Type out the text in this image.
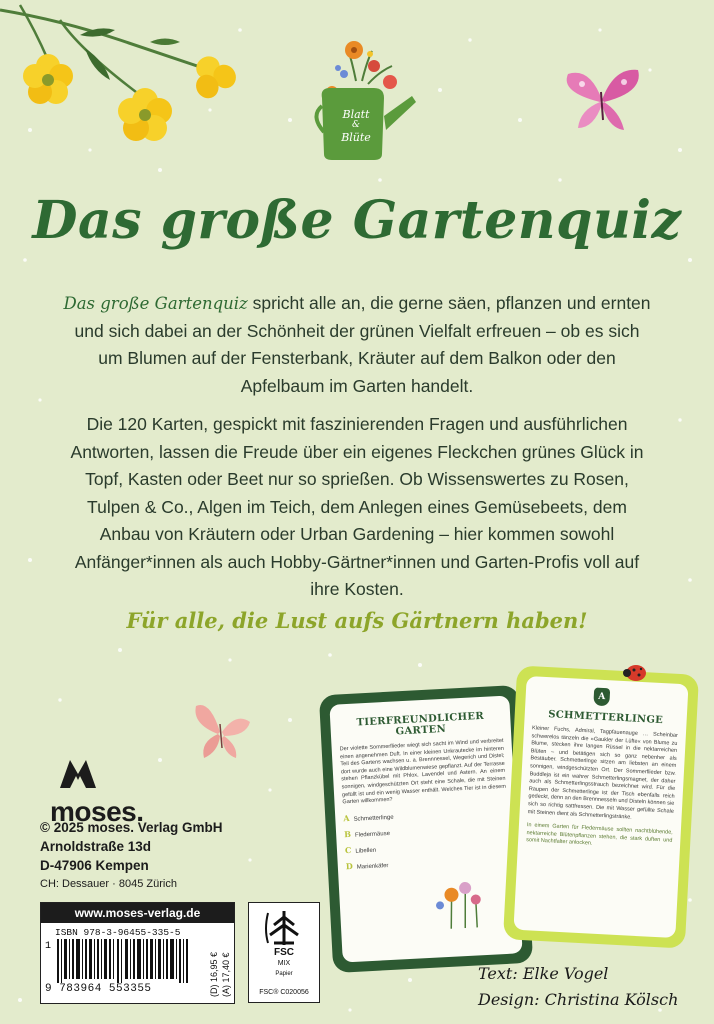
Blatt
&
Blüte
Das große Gartenquiz
Das große Gartenquiz spricht alle an, die gerne säen, pflanzen und ernten und sich dabei an der Schönheit der grünen Vielfalt erfreuen – ob es sich um Blumen auf der Fensterbank, Kräuter auf dem Balkon oder den Apfelbaum im Garten handelt.
Die 120 Karten, gespickt mit faszinierenden Fragen und ausführlichen Antworten, lassen die Freude über ein eigenes Fleckchen grünes Glück in Topf, Kasten oder Beet nur so sprießen. Ob Wissenswertes zu Rosen, Tulpen & Co., Algen im Teich, dem Anlegen eines Gemüsebeets, dem Anbau von Kräutern oder Urban Gardening – hier kommen sowohl Anfänger*innen als auch Hobby-Gärtner*innen und Garten-Profis voll auf ihre Kosten.
Für alle, die Lust aufs Gärtnern haben!
moses.
© 2025 moses. Verlag GmbH
Arnoldstraße 13d
D-47906 Kempen
CH: Dessauer · 8045 Zürich
www.moses-verlag.de
ISBN 978-3-96455-335-5
1
9 783964 553355	(D) 16,95 € (A) 17,40 €	FSC
MIX
Papier
FSC® C020056
TIERFREUNDLICHER GARTEN
Der violette Sommerflieder wiegt sich sacht im Wind und verbreitet einen angenehmen Duft. In einer kleinen Unkrautecke im hinteren Teil des Gartens wachsen u. a. Brennnessel, Wegerich und Distel; dort wurde auch eine Wildblumenwiese gepflanzt. Auf der Terrasse stehen Pflanzkübel mit Phlox, Lavendel und Astern. An einem sonnigen, windgeschützten Ort steht eine Schale, die mit Steinen gefüllt ist und ein wenig Wasser enthält. Welches Tier ist in diesem Garten willkommen?
A Schmetterlinge
B Fledermäuse
C Libellen
D Marienkäfer
A
SCHMETTERLINGE
Kleiner Fuchs, Admiral, Tagpfauenauge … Scheinbar schwerelos tänzeln die »Gaukler der Lüfte« von Blume zu Blume, stecken ihre langen Rüssel in die nektarreichen Blüten – und betätigen sich so ganz nebenher als Bestäuber. Schmetterlinge sitzen am liebsten an einem sonnigen, windgeschützten Ort. Der Sommerflieder bzw. Buddleja ist ein wahrer Schmetterlingsmagnet, der daher auch als Schmetterlingsstrauch bezeichnet wird. Für die Raupen der Schmetterlinge ist der Tisch ebenfalls reich gedeckt, denn an den Brennnesseln und Disteln können sie sich so richtig sattfressen. Die mit Wasser gefüllte Schale mit Steinen dient als Schmetterlingstränke.
In einem Garten für Fledermäuse sollten nachtblühende, nektarreiche Blütenpflanzen stehen, die stark duften und somit Nachtfalter anlocken.
Text: Elke Vogel
Design: Christina Kölsch
